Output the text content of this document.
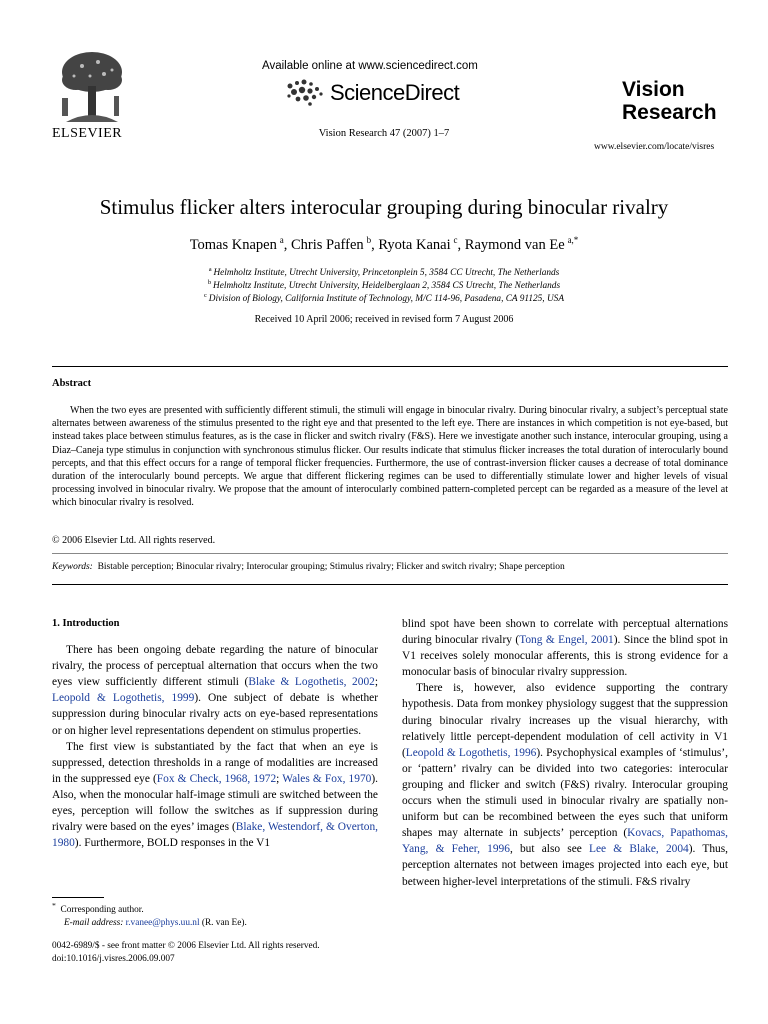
ELSEVIER
Available online at www.sciencedirect.com
ScienceDirect
Vision Research 47 (2007) 1–7
Vision
Research
www.elsevier.com/locate/visres
Stimulus flicker alters interocular grouping during binocular rivalry
Tomas Knapen  $^a$, Chris Paffen  $^b$, Ryota Kanai  $^c$, Raymond van Ee  $^{a,*}$
$^a$  Helmholtz Institute, Utrecht University, Princetonplein 5, 3584 CC Utrecht, The Netherlands
$^b$  Helmholtz Institute, Utrecht University, Heidelberglaan 2, 3584 CS Utrecht, The Netherlands
$^c$  Division of Biology, California Institute of Technology, M/C 114-96, Pasadena, CA 91125, USA
Received 10 April 2006; received in revised form 7 August 2006
Abstract
When the two eyes are presented with sufficiently different stimuli, the stimuli will engage in binocular rivalry. During binocular rivalry, a subject’s perceptual state alternates between awareness of the stimulus presented to the right eye and that presented to the left eye. There are instances in which competition is not eye-based, but instead takes place between stimulus features, as is the case in flicker and switch rivalry (F&S). Here we investigate another such instance, interocular grouping, using a Diaz–Caneja type stimulus in conjunction with synchronous stimulus flicker. Our results indicate that stimulus flicker increases the total duration of interocularly bound percepts, and that this effect occurs for a range of temporal flicker frequencies. Furthermore, the use of contrast-inversion flicker causes a decrease of total dominance duration of the interocularly bound percepts. We argue that different flickering regimes can be used to differentially stimulate lower and higher levels of visual processing involved in binocular rivalry. We propose that the amount of interocularly combined pattern-completed percept can be regarded as a measure of the level at which binocular rivalry is resolved.
© 2006 Elsevier Ltd. All rights reserved.
Keywords: Bistable perception; Binocular rivalry; Interocular grouping; Stimulus rivalry; Flicker and switch rivalry; Shape perception
1. Introduction

There has been ongoing debate regarding the nature of binocular rivalry, the process of perceptual alternation that occurs when the two eyes view sufficiently different stimuli (Blake & Logothetis, 2002; Leopold & Logothetis, 1999). One subject of debate is whether suppression during binocular rivalry acts on eye-based representations or on higher level representations dependent on stimulus properties.

The first view is substantiated by the fact that when an eye is suppressed, detection thresholds in a range of modalities are increased in the suppressed eye (Fox & Check, 1968, 1972; Wales & Fox, 1970). Also, when the monocular half-image stimuli are switched between the eyes, perception will follow the switches as if suppression during rivalry were based on the eyes’ images (Blake, Westendorf, & Overton, 1980). Furthermore, BOLD responses in the V1

blind spot have been shown to correlate with perceptual alternations during binocular rivalry (Tong & Engel, 2001). Since the blind spot in V1 receives solely monocular afferents, this is strong evidence for a monocular basis of binocular rivalry suppression.

There is, however, also evidence supporting the contrary hypothesis. Data from monkey physiology suggest that the suppression during binocular rivalry increases up the visual hierarchy, with relatively little percept-dependent modulation of cell activity in V1 (Leopold & Logothetis, 1996). Psychophysical examples of ‘stimulus’, or ‘pattern’ rivalry can be divided into two categories: interocular grouping and flicker and switch (F&S) rivalry. Interocular grouping occurs when the stimuli used in binocular rivalry are spatially non-uniform but can be recombined between the eyes such that uniform shapes may alternate in subjects’ perception (Kovacs, Papathomas, Yang, & Feher, 1996, but also see Lee & Blake, 2004). Thus, perception alternates not between images projected into each eye, but between higher-level interpretations of the stimuli. F&S rivalry

* Corresponding author.
E-mail address: r.vanee@phys.uu.nl (R. van Ee).
0042-6989/$ - see front matter © 2006 Elsevier Ltd. All rights reserved.
doi:10.1016/j.visres.2006.09.007
